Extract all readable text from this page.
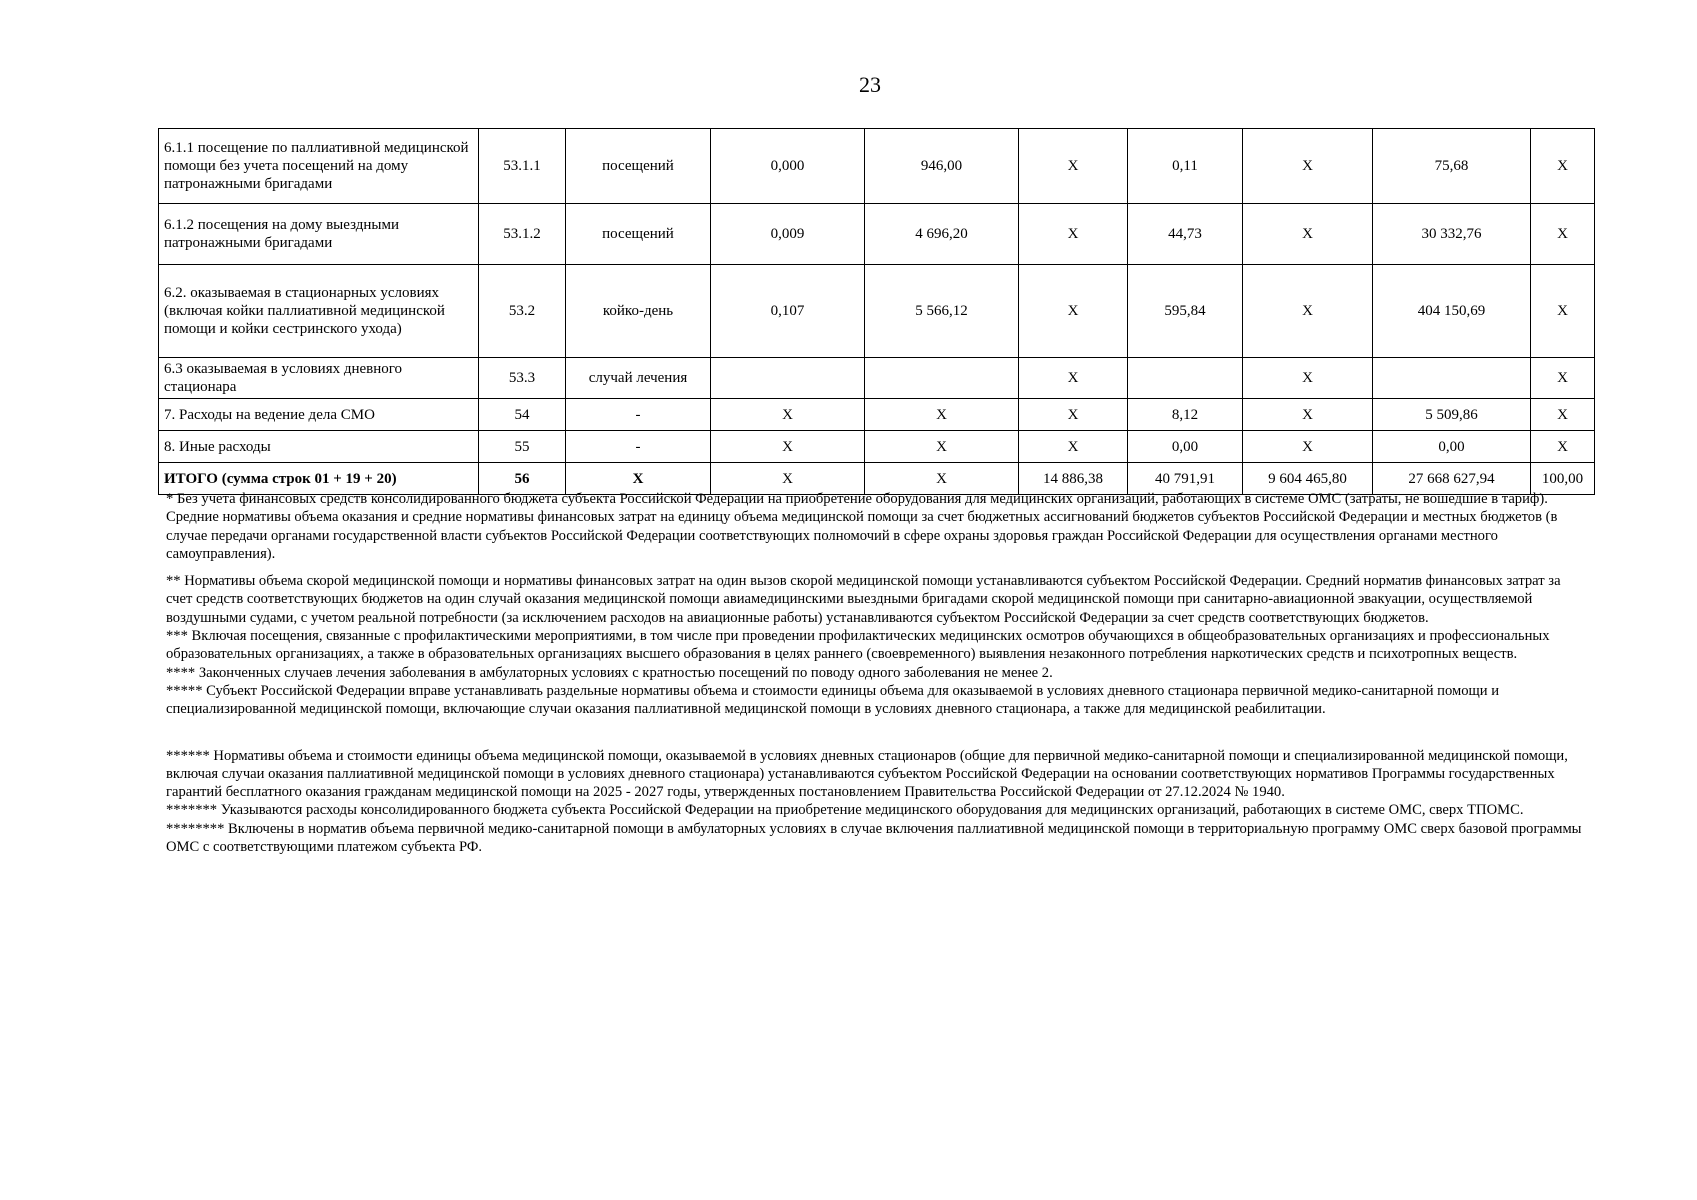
23
6.1.1 посещение по паллиативной медицинской помощи без учета посещений на дому патронажными бригадами	53.1.1	посещений	0,000	946,00	X	0,11	X	75,68	X
6.1.2 посещения на дому выездными патронажными бригадами	53.1.2	посещений	0,009	4 696,20	X	44,73	X	30 332,76	X
6.2. оказываемая в стационарных условиях (включая койки паллиативной медицинской помощи и койки сестринского ухода)	53.2	койко-день	0,107	5 566,12	X	595,84	X	404 150,69	X
6.3 оказываемая в условиях дневного стационара	53.3	случай лечения			X		X		X
7. Расходы на ведение дела СМО	54	-	X	X	X	8,12	X	5 509,86	X
8. Иные расходы	55	-	X	X	X	0,00	X	0,00	X
ИТОГО (сумма строк 01 + 19 + 20)	56	X	X	X	14 886,38	40 791,91	9 604 465,80	27 668 627,94	100,00

* Без учета финансовых средств консолидированного бюджета субъекта Российской Федерации на приобретение оборудования для медицинских организаций, работающих в системе ОМС (затраты, не вошедшие в тариф). Средние нормативы объема оказания и средние нормативы финансовых затрат на единицу объема медицинской помощи за счет бюджетных ассигнований бюджетов субъектов Российской Федерации и местных бюджетов (в случае передачи органами государственной власти субъектов Российской Федерации соответствующих полномочий в сфере охраны здоровья граждан Российской Федерации для осуществления органами местного самоуправления).

** Нормативы объема скорой медицинской помощи и нормативы финансовых затрат на один вызов скорой медицинской помощи устанавливаются субъектом Российской Федерации. Средний норматив финансовых затрат за счет средств соответствующих бюджетов на один случай оказания медицинской помощи авиамедицинскими выездными бригадами скорой медицинской помощи при санитарно-авиационной эвакуации, осуществляемой воздушными судами, с учетом реальной потребности (за исключением расходов на авиационные работы) устанавливаются субъектом Российской Федерации за счет средств соответствующих бюджетов.

*** Включая посещения, связанные с профилактическими мероприятиями, в том числе при проведении профилактических медицинских осмотров обучающихся в общеобразовательных организациях и профессиональных образовательных организациях, а также в образовательных организациях высшего образования в целях раннего (своевременного) выявления незаконного потребления наркотических средств и психотропных веществ.

**** Законченных случаев лечения заболевания в амбулаторных условиях с кратностью посещений по поводу одного заболевания не менее 2.

***** Субъект Российской Федерации вправе устанавливать раздельные нормативы объема и стоимости единицы объема для оказываемой в условиях дневного стационара первичной медико-санитарной помощи и специализированной медицинской помощи, включающие случаи оказания паллиативной медицинской помощи в условиях дневного стационара, а также для медицинской реабилитации.

****** Нормативы объема и стоимости единицы объема медицинской помощи, оказываемой в условиях дневных стационаров (общие для первичной медико-санитарной помощи и специализированной медицинской помощи, включая случаи оказания паллиативной медицинской помощи в условиях дневного стационара) устанавливаются субъектом Российской Федерации на основании соответствующих нормативов Программы государственных гарантий бесплатного оказания гражданам медицинской помощи на 2025 - 2027 годы, утвержденных постановлением Правительства Российской Федерации от 27.12.2024 № 1940.

******* Указываются расходы консолидированного бюджета субъекта Российской Федерации на приобретение медицинского оборудования для медицинских организаций, работающих в системе ОМС, сверх ТПОМС.

******** Включены в норматив объема первичной медико-санитарной помощи в амбулаторных условиях в случае включения паллиативной медицинской помощи в территориальную программу ОМС сверх базовой программы ОМС с соответствующими платежом субъекта РФ.
